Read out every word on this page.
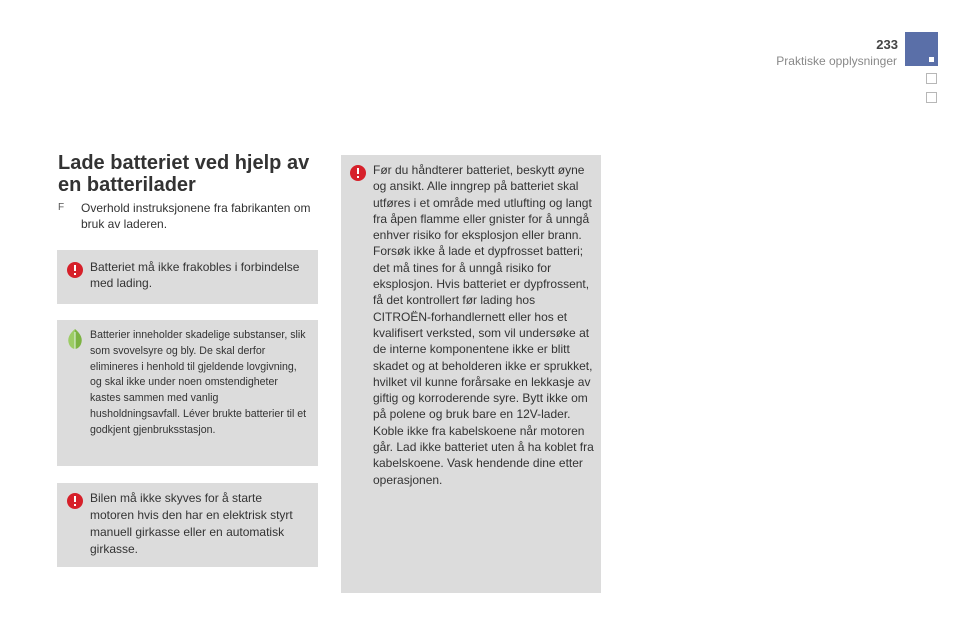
233
Praktiske opplysninger
Lade batteriet ved hjelp av
en batterilader
F	Overhold instruksjonene fra fabrikanten om bruk av laderen.
Batteriet må ikke frakobles i forbindelse med lading.
Batterier inneholder skadelige substanser, slik som svovelsyre og bly. De skal derfor elimineres i henhold til gjeldende lovgivning, og skal ikke under noen omstendigheter kastes sammen med vanlig husholdningsavfall. Léver brukte batterier til et godkjent gjenbruksstasjon.
Bilen må ikke skyves for å starte motoren hvis den har en elektrisk styrt manuell girkasse eller en automatisk girkasse.
Før du håndterer batteriet, beskytt øyne og ansikt. Alle inngrep på batteriet skal utføres i et område med utlufting og langt fra åpen flamme eller gnister for å unngå enhver risiko for eksplosjon eller brann. Forsøk ikke å lade et dypfrosset batteri; det må tines for å unngå risiko for eksplosjon. Hvis batteriet er dypfrossent, få det kontrollert før lading hos CITROËN-forhandlernett eller hos et kvalifisert verksted, som vil undersøke at de interne komponentene ikke er blitt skadet og at beholderen ikke er sprukket, hvilket vil kunne forårsake en lekkasje av giftig og korroderende syre. Bytt ikke om på polene og bruk bare en 12V-lader. Koble ikke fra kabelskoene når motoren går. Lad ikke batteriet uten å ha koblet fra kabelskoene. Vask hendende dine etter operasjonen.
